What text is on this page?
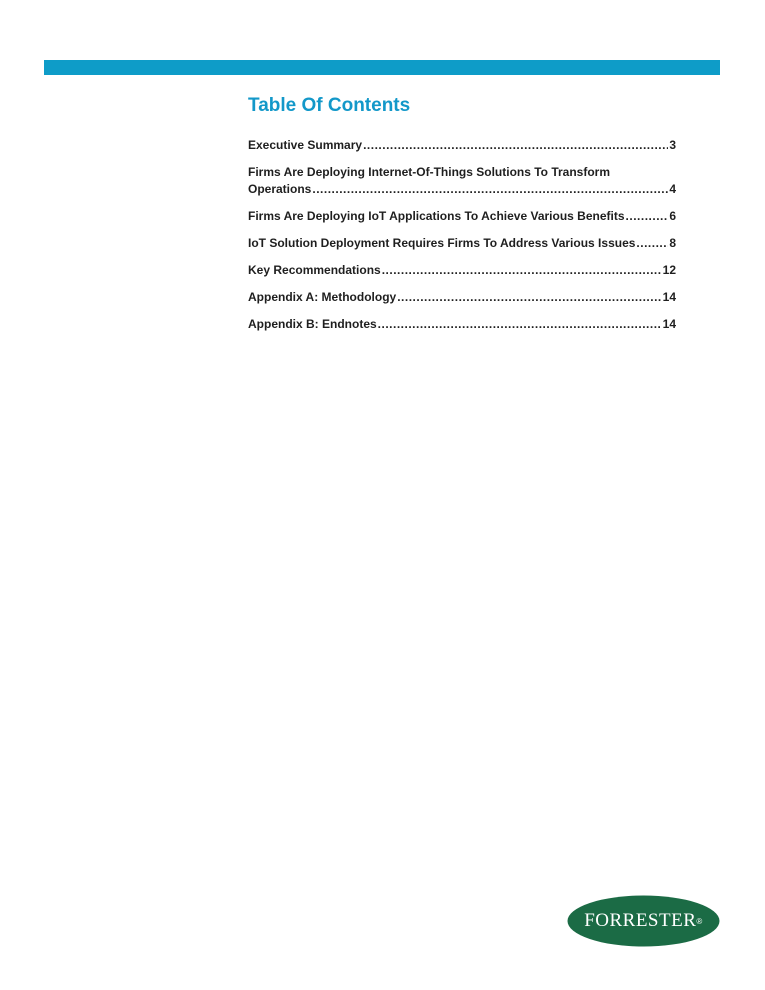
Table Of Contents
Executive Summary .....	3
Firms Are Deploying Internet-Of-Things Solutions To Transform
Operations .....	4
Firms Are Deploying IoT Applications To Achieve Various Benefits .....	6
IoT Solution Deployment Requires Firms To Address Various Issues .....	8
Key Recommendations .....	12
Appendix A: Methodology .....	14
Appendix B: Endnotes .....	14
FORRESTER ®
